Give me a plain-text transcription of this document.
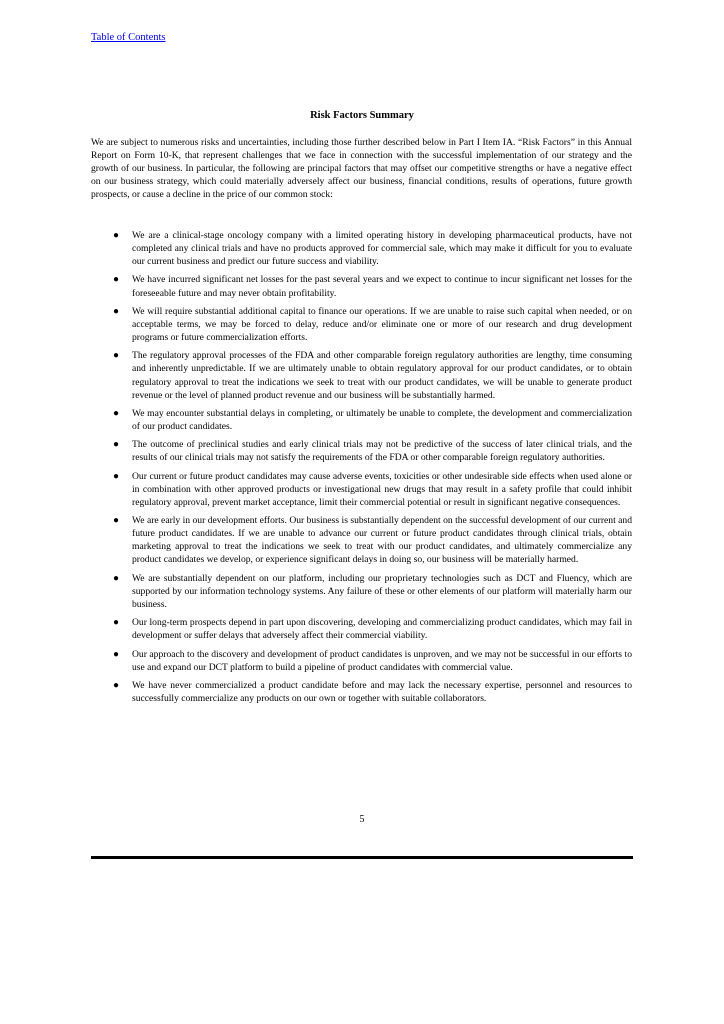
Table of Contents
Risk Factors Summary

We are subject to numerous risks and uncertainties, including those further described below in Part I Item IA. “Risk Factors” in this Annual Report on Form 10-K, that represent challenges that we face in connection with the successful implementation of our strategy and the growth of our business. In particular, the following are principal factors that may offset our competitive strengths or have a negative effect on our business strategy, which could materially adversely affect our business, financial conditions, results of operations, future growth prospects, or cause a decline in the price of our common stock:

● We are a clinical-stage oncology company with a limited operating history in developing pharmaceutical products, have not completed any clinical trials and have no products approved for commercial sale, which may make it difficult for you to evaluate our current business and predict our future success and viability.
● We have incurred significant net losses for the past several years and we expect to continue to incur significant net losses for the foreseeable future and may never obtain profitability.
● We will require substantial additional capital to finance our operations. If we are unable to raise such capital when needed, or on acceptable terms, we may be forced to delay, reduce and/or eliminate one or more of our research and drug development programs or future commercialization efforts.
● The regulatory approval processes of the FDA and other comparable foreign regulatory authorities are lengthy, time consuming and inherently unpredictable. If we are ultimately unable to obtain regulatory approval for our product candidates, or to obtain regulatory approval to treat the indications we seek to treat with our product candidates, we will be unable to generate product revenue or the level of planned product revenue and our business will be substantially harmed.
● We may encounter substantial delays in completing, or ultimately be unable to complete, the development and commercialization of our product candidates.
● The outcome of preclinical studies and early clinical trials may not be predictive of the success of later clinical trials, and the results of our clinical trials may not satisfy the requirements of the FDA or other comparable foreign regulatory authorities.
● Our current or future product candidates may cause adverse events, toxicities or other undesirable side effects when used alone or in combination with other approved products or investigational new drugs that may result in a safety profile that could inhibit regulatory approval, prevent market acceptance, limit their commercial potential or result in significant negative consequences.
● We are early in our development efforts. Our business is substantially dependent on the successful development of our current and future product candidates. If we are unable to advance our current or future product candidates through clinical trials, obtain marketing approval to treat the indications we seek to treat with our product candidates, and ultimately commercialize any product candidates we develop, or experience significant delays in doing so, our business will be materially harmed.
● We are substantially dependent on our platform, including our proprietary technologies such as DCT and Fluency, which are supported by our information technology systems. Any failure of these or other elements of our platform will materially harm our business.
● Our long-term prospects depend in part upon discovering, developing and commercializing product candidates, which may fail in development or suffer delays that adversely affect their commercial viability.
● Our approach to the discovery and development of product candidates is unproven, and we may not be successful in our efforts to use and expand our DCT platform to build a pipeline of product candidates with commercial value.
● We have never commercialized a product candidate before and may lack the necessary expertise, personnel and resources to successfully commercialize any products on our own or together with suitable collaborators.
5
